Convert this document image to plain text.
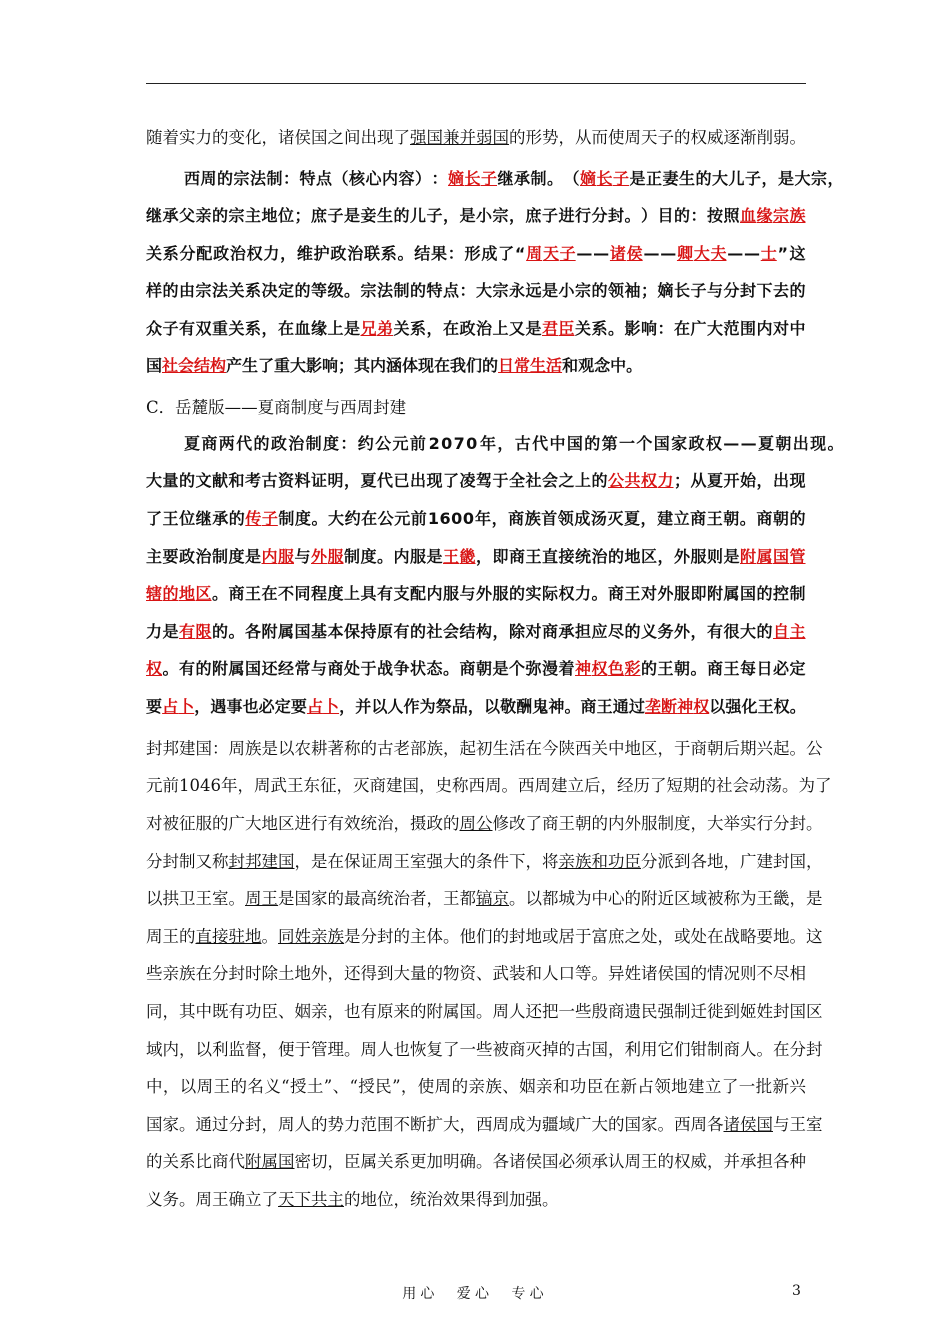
随 着 实 力 的 变 化 ， 诸 侯 国 之 间 出 现 了 强 国 兼 并 弱 国 的 形 势 ， 从 而 使 周 天 子 的 权 威 逐 渐 削 弱 。
西 周 的 宗 法 制 ： 特 点 （ 核 心 内 容 ） ： 嫡 长 子 继 承 制 。 （ 嫡 长 子 是 正 妻 生 的 大 儿 子 ， 是 大 宗 ，
继 承 父 亲 的 宗 主 地 位 ； 庶 子 是 妾 生 的 儿 子 ， 是 小 宗 ， 庶 子 进 行 分 封 。 ） 目 的 ： 按 照 血 缘 宗 族
关 系 分 配 政 治 权 力 ， 维 护 政 治 联 系 。 结 果 ： 形 成 了 “ 周 天 子 — — 诸 侯 — — 卿 大 夫 — — 士 ” 这
样 的 由 宗 法 关 系 决 定 的 等 级 。 宗 法 制 的 特 点 ： 大 宗 永 远 是 小 宗 的 领 袖 ； 嫡 长 子 与 分 封 下 去 的
众 子 有 双 重 关 系 ， 在 血 缘 上 是 兄 弟 关 系 ， 在 政 治 上 又 是 君 臣 关 系 。 影 响 ： 在 广 大 范 围 内 对 中
国社会结构产生了重大影响；其内涵体现在我们的日常生活和观念中。
C．岳麓版——夏商制度与西周封建
夏 商 两 代 的 政 治 制 度 ： 约 公 元 前 2 0 7 0 年 ， 古 代 中 国 的 第 一 个 国 家 政 权 — — 夏 朝 出 现 。
大 量 的 文 献 和 考 古 资 料 证 明 ， 夏 代 已 出 现 了 凌 驾 于 全 社 会 之 上 的 公 共 权 力 ； 从 夏 开 始 ， 出 现
了 王 位 继 承 的 传 子 制 度 。 大 约 在 公 元 前 1 6 0 0 年 ， 商 族 首 领 成 汤 灭 夏 ， 建 立 商 王 朝 。 商 朝 的
主 要 政 治 制 度 是 内 服 与 外 服 制 度 。 内 服 是 王 畿 ， 即 商 王 直 接 统 治 的 地 区 ， 外 服 则 是 附 属 国 管
辖 的 地 区 。 商 王 在 不 同 程 度 上 具 有 支 配 内 服 与 外 服 的 实 际 权 力 。 商 王 对 外 服 即 附 属 国 的 控 制
力 是 有 限 的 。 各 附 属 国 基 本 保 持 原 有 的 社 会 结 构 ， 除 对 商 承 担 应 尽 的 义 务 外 ， 有 很 大 的 自 主
权 。 有 的 附 属 国 还 经 常 与 商 处 于 战 争 状 态 。 商 朝 是 个 弥 漫 着 神 权 色 彩 的 王 朝 。 商 王 每 日 必 定
要 占 卜 ， 遇 事 也 必 定 要 占 卜 ， 并 以 人 作 为 祭 品 ， 以 敬 酬 鬼 神 。 商 王 通 过 垄 断 神 权 以 强 化 王 权 。
封 邦 建 国 ： 周 族 是 以 农 耕 著 称 的 古 老 部 族 ， 起 初 生 活 在 今 陕 西 关 中 地 区 ， 于 商 朝 后 期 兴 起 。 公
元 前 1 0 4 6 年 ， 周 武 王 东 征 ， 灭 商 建 国 ， 史 称 西 周 。 西 周 建 立 后 ， 经 历 了 短 期 的 社 会 动 荡 。 为 了
对 被 征 服 的 广 大 地 区 进 行 有 效 统 治 ， 摄 政 的 周 公 修 改 了 商 王 朝 的 内 外 服 制 度 ， 大 举 实 行 分 封 。
分 封 制 又 称 封 邦 建 国 ， 是 在 保 证 周 王 室 强 大 的 条 件 下 ， 将 亲 族 和 功 臣 分 派 到 各 地 ， 广 建 封 国 ，
以 拱 卫 王 室 。 周 王 是 国 家 的 最 高 统 治 者 ， 王 都 镐 京 。 以 都 城 为 中 心 的 附 近 区 域 被 称 为 王 畿 ， 是
周 王 的 直 接 驻 地 。 同 姓 亲 族 是 分 封 的 主 体 。 他 们 的 封 地 或 居 于 富 庶 之 处 ， 或 处 在 战 略 要 地 。 这
些 亲 族 在 分 封 时 除 土 地 外 ， 还 得 到 大 量 的 物 资 、 武 装 和 人 口 等 。 异 姓 诸 侯 国 的 情 况 则 不 尽 相
同 ， 其 中 既 有 功 臣 、 姻 亲 ， 也 有 原 来 的 附 属 国 。 周 人 还 把 一 些 殷 商 遗 民 强 制 迁 徙 到 姬 姓 封 国 区
域 内 ， 以 利 监 督 ， 便 于 管 理 。 周 人 也 恢 复 了 一 些 被 商 灭 掉 的 古 国 ， 利 用 它 们 钳 制 商 人 。 在 分 封
中 ， 以 周 王 的 名 义 “ 授 土 ” 、 “ 授 民 ” ， 使 周 的 亲 族 、 姻 亲 和 功 臣 在 新 占 领 地 建 立 了 一 批 新 兴
国 家 。 通 过 分 封 ， 周 人 的 势 力 范 围 不 断 扩 大 ， 西 周 成 为 疆 域 广 大 的 国 家 。 西 周 各 诸 侯 国 与 王 室
的 关 系 比 商 代 附 属 国 密 切 ， 臣 属 关 系 更 加 明 确 。 各 诸 侯 国 必 须 承 认 周 王 的 权 威 ， 并 承 担 各 种
义务。周王确立了天下共主的地位，统治效果得到加强。
用心　爱心　专心	3
